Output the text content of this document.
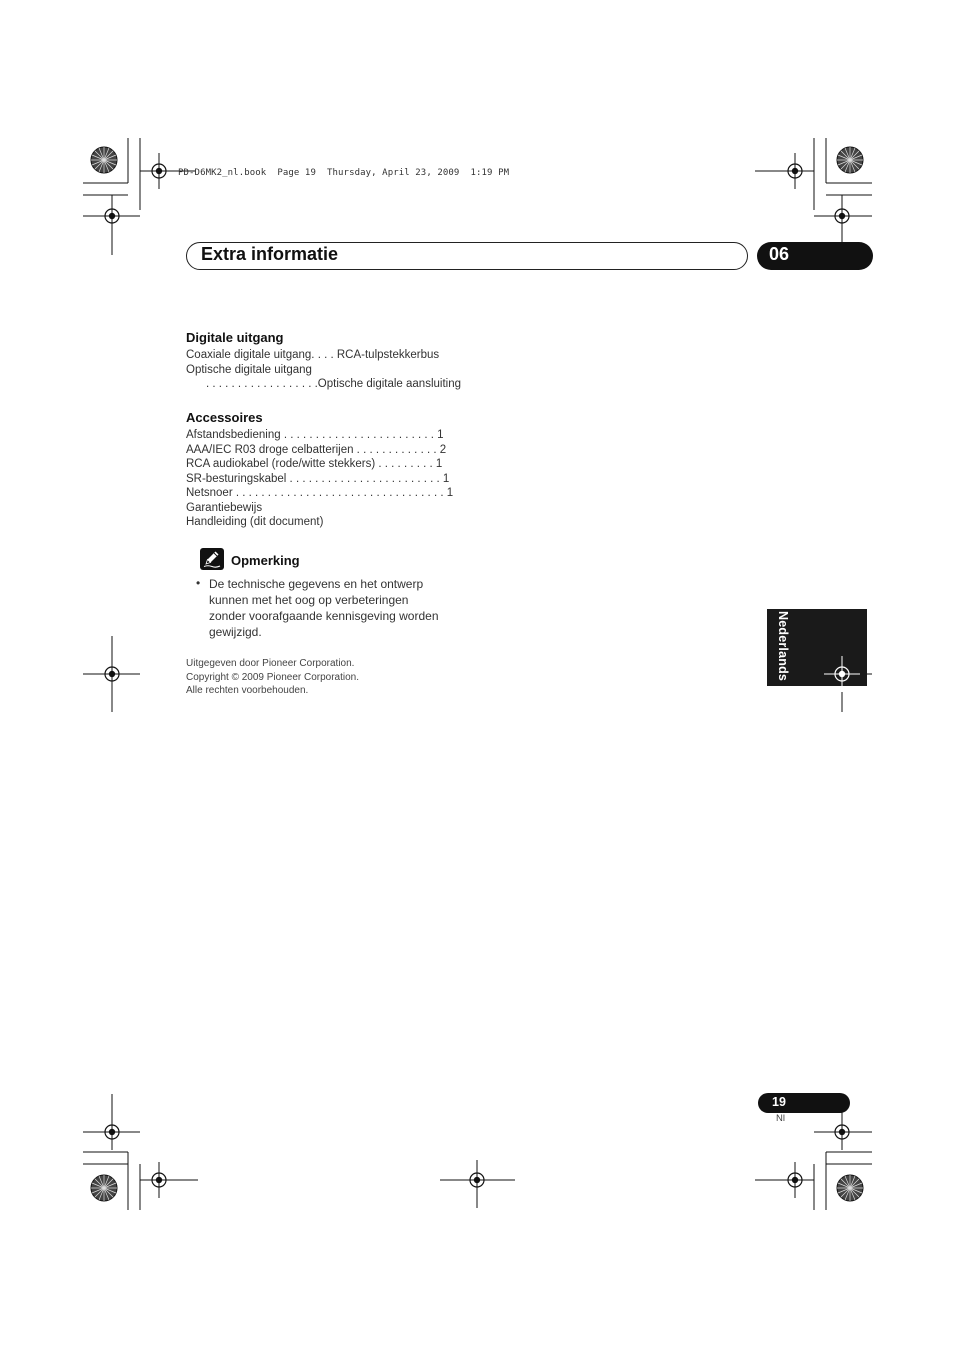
PD-D6MK2_nl.book  Page 19  Thursday, April 23, 2009  1:19 PM
Extra informatie	06
Digitale uitgang
Coaxiale digitale uitgang. . . . RCA-tulpstekkerbus
Optische digitale uitgang
. . . . . . . . . . . . . . . . . .Optische digitale aansluiting
Accessoires
Afstandsbediening . . . . . . . . . . . . . . . . . . . . . . . . 1
AAA/IEC R03 droge celbatterijen . . . . . . . . . . . . . 2
RCA audiokabel (rode/witte stekkers) . . . . . . . . . 1
SR-besturingskabel . . . . . . . . . . . . . . . . . . . . . . . . 1
Netsnoer . . . . . . . . . . . . . . . . . . . . . . . . . . . . . . . . . 1
Garantiebewijs
Handleiding (dit document)
Opmerking
• De technische gegevens en het ontwerp
kunnen met het oog op verbeteringen
zonder voorafgaande kennisgeving worden
gewijzigd.
Uitgegeven door Pioneer Corporation.
Copyright © 2009 Pioneer Corporation.
Alle rechten voorbehouden.
Nederlands
19
Nl
